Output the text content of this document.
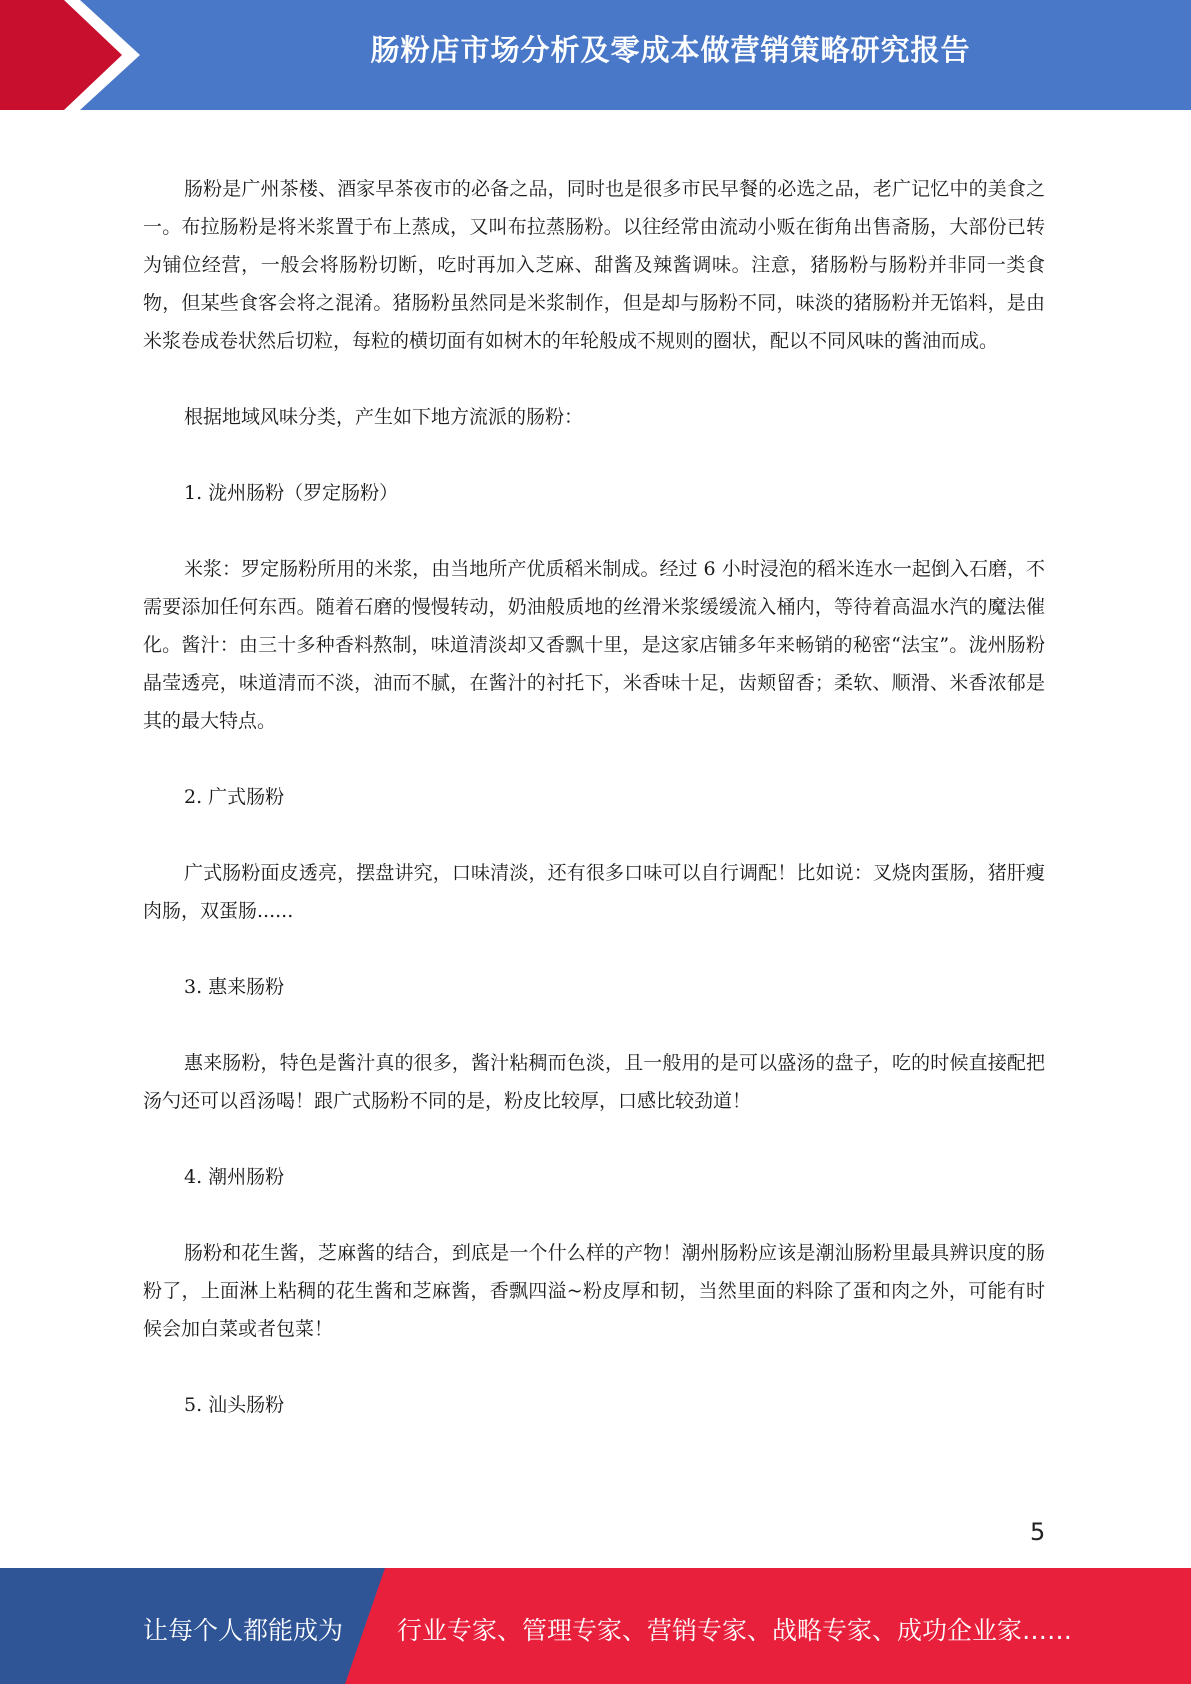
肠粉店市场分析及零成本做营销策略研究报告

肠粉是广州茶楼、酒家早茶夜市的必备之品，同时也是很多市民早餐的必选之品，老广记忆中的美食之一。布拉肠粉是将米浆置于布上蒸成，又叫布拉蒸肠粉。以往经常由流动小贩在街角出售斋肠，大部份已转为铺位经营，一般会将肠粉切断，吃时再加入芝麻、甜酱及辣酱调味。注意，猪肠粉与肠粉并非同一类食物，但某些食客会将之混淆。猪肠粉虽然同是米浆制作，但是却与肠粉不同，味淡的猪肠粉并无馅料，是由米浆卷成卷状然后切粒，每粒的横切面有如树木的年轮般成不规则的圈状，配以不同风味的酱油而成。

根据地域风味分类，产生如下地方流派的肠粉：

1. 泷州肠粉（罗定肠粉）

米浆：罗定肠粉所用的米浆，由当地所产优质稻米制成。经过 6 小时浸泡的稻米连水一起倒入石磨，不需要添加任何东西。随着石磨的慢慢转动，奶油般质地的丝滑米浆缓缓流入桶内，等待着高温水汽的魔法催化。酱汁：由三十多种香料熬制，味道清淡却又香飘十里，是这家店铺多年来畅销的秘密“法宝”。泷州肠粉晶莹透亮，味道清而不淡，油而不腻，在酱汁的衬托下，米香味十足，齿颊留香；柔软、顺滑、米香浓郁是其的最大特点。

2. 广式肠粉

广式肠粉面皮透亮，摆盘讲究，口味清淡，还有很多口味可以自行调配！比如说：叉烧肉蛋肠，猪肝瘦肉肠，双蛋肠......

3. 惠来肠粉

惠来肠粉，特色是酱汁真的很多，酱汁粘稠而色淡，且一般用的是可以盛汤的盘子，吃的时候直接配把汤勺还可以舀汤喝！跟广式肠粉不同的是，粉皮比较厚，口感比较劲道！

4. 潮州肠粉

肠粉和花生酱，芝麻酱的结合，到底是一个什么样的产物！潮州肠粉应该是潮汕肠粉里最具辨识度的肠粉了，上面淋上粘稠的花生酱和芝麻酱，香飘四溢~粉皮厚和韧，当然里面的料除了蛋和肉之外，可能有时候会加白菜或者包菜！

5. 汕头肠粉

5
让每个人都能成为 行业专家、管理专家、营销专家、战略专家、成功企业家……
